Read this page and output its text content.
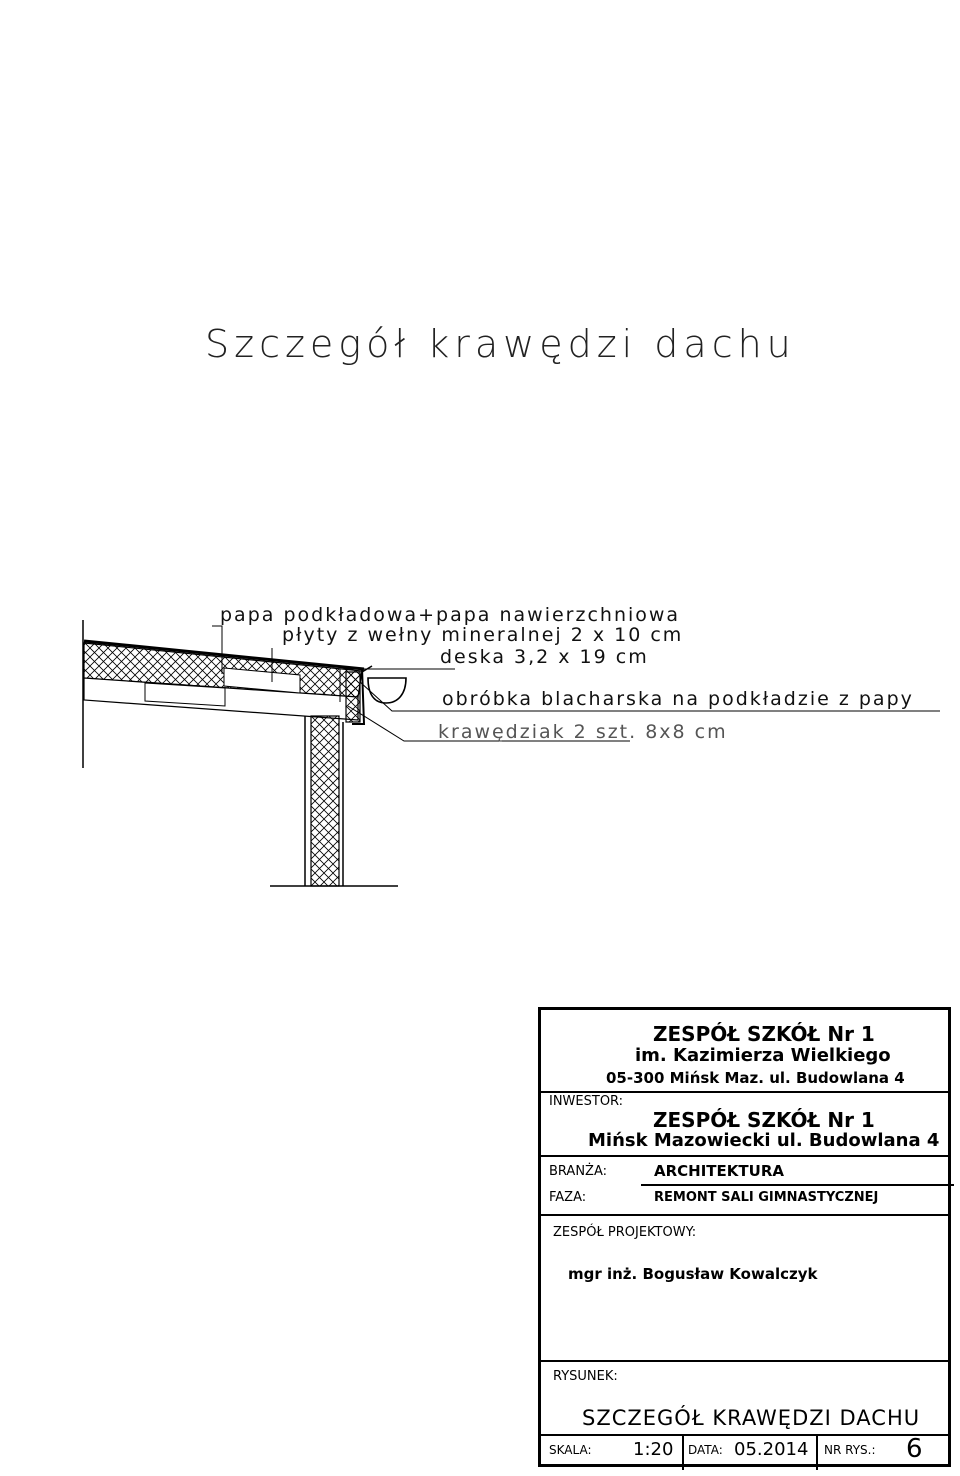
Szczegół krawędzi dachu
papa podkładowa+papa nawierzchniowa
płyty z wełny mineralnej 2 x 10 cm
deska 3,2 x 19 cm
obróbka blacharska na podkładzie z papy
krawędziak 2 szt. 8x8 cm
ZESPÓŁ SZKÓŁ Nr 1
im. Kazimierza Wielkiego
05-300 Mińsk Maz. ul. Budowlana 4
INWESTOR:
ZESPÓŁ SZKÓŁ Nr 1
Mińsk Mazowiecki ul. Budowlana 4
BRANŻA:	ARCHITEKTURA
FAZA:	REMONT SALI GIMNASTYCZNEJ
ZESPÓŁ PROJEKTOWY:
mgr inż. Bogusław Kowalczyk
RYSUNEK:
SZCZEGÓŁ KRAWĘDZI DACHU
SKALA: 1:20 DATA: 05.2014 NR RYS.: 6
